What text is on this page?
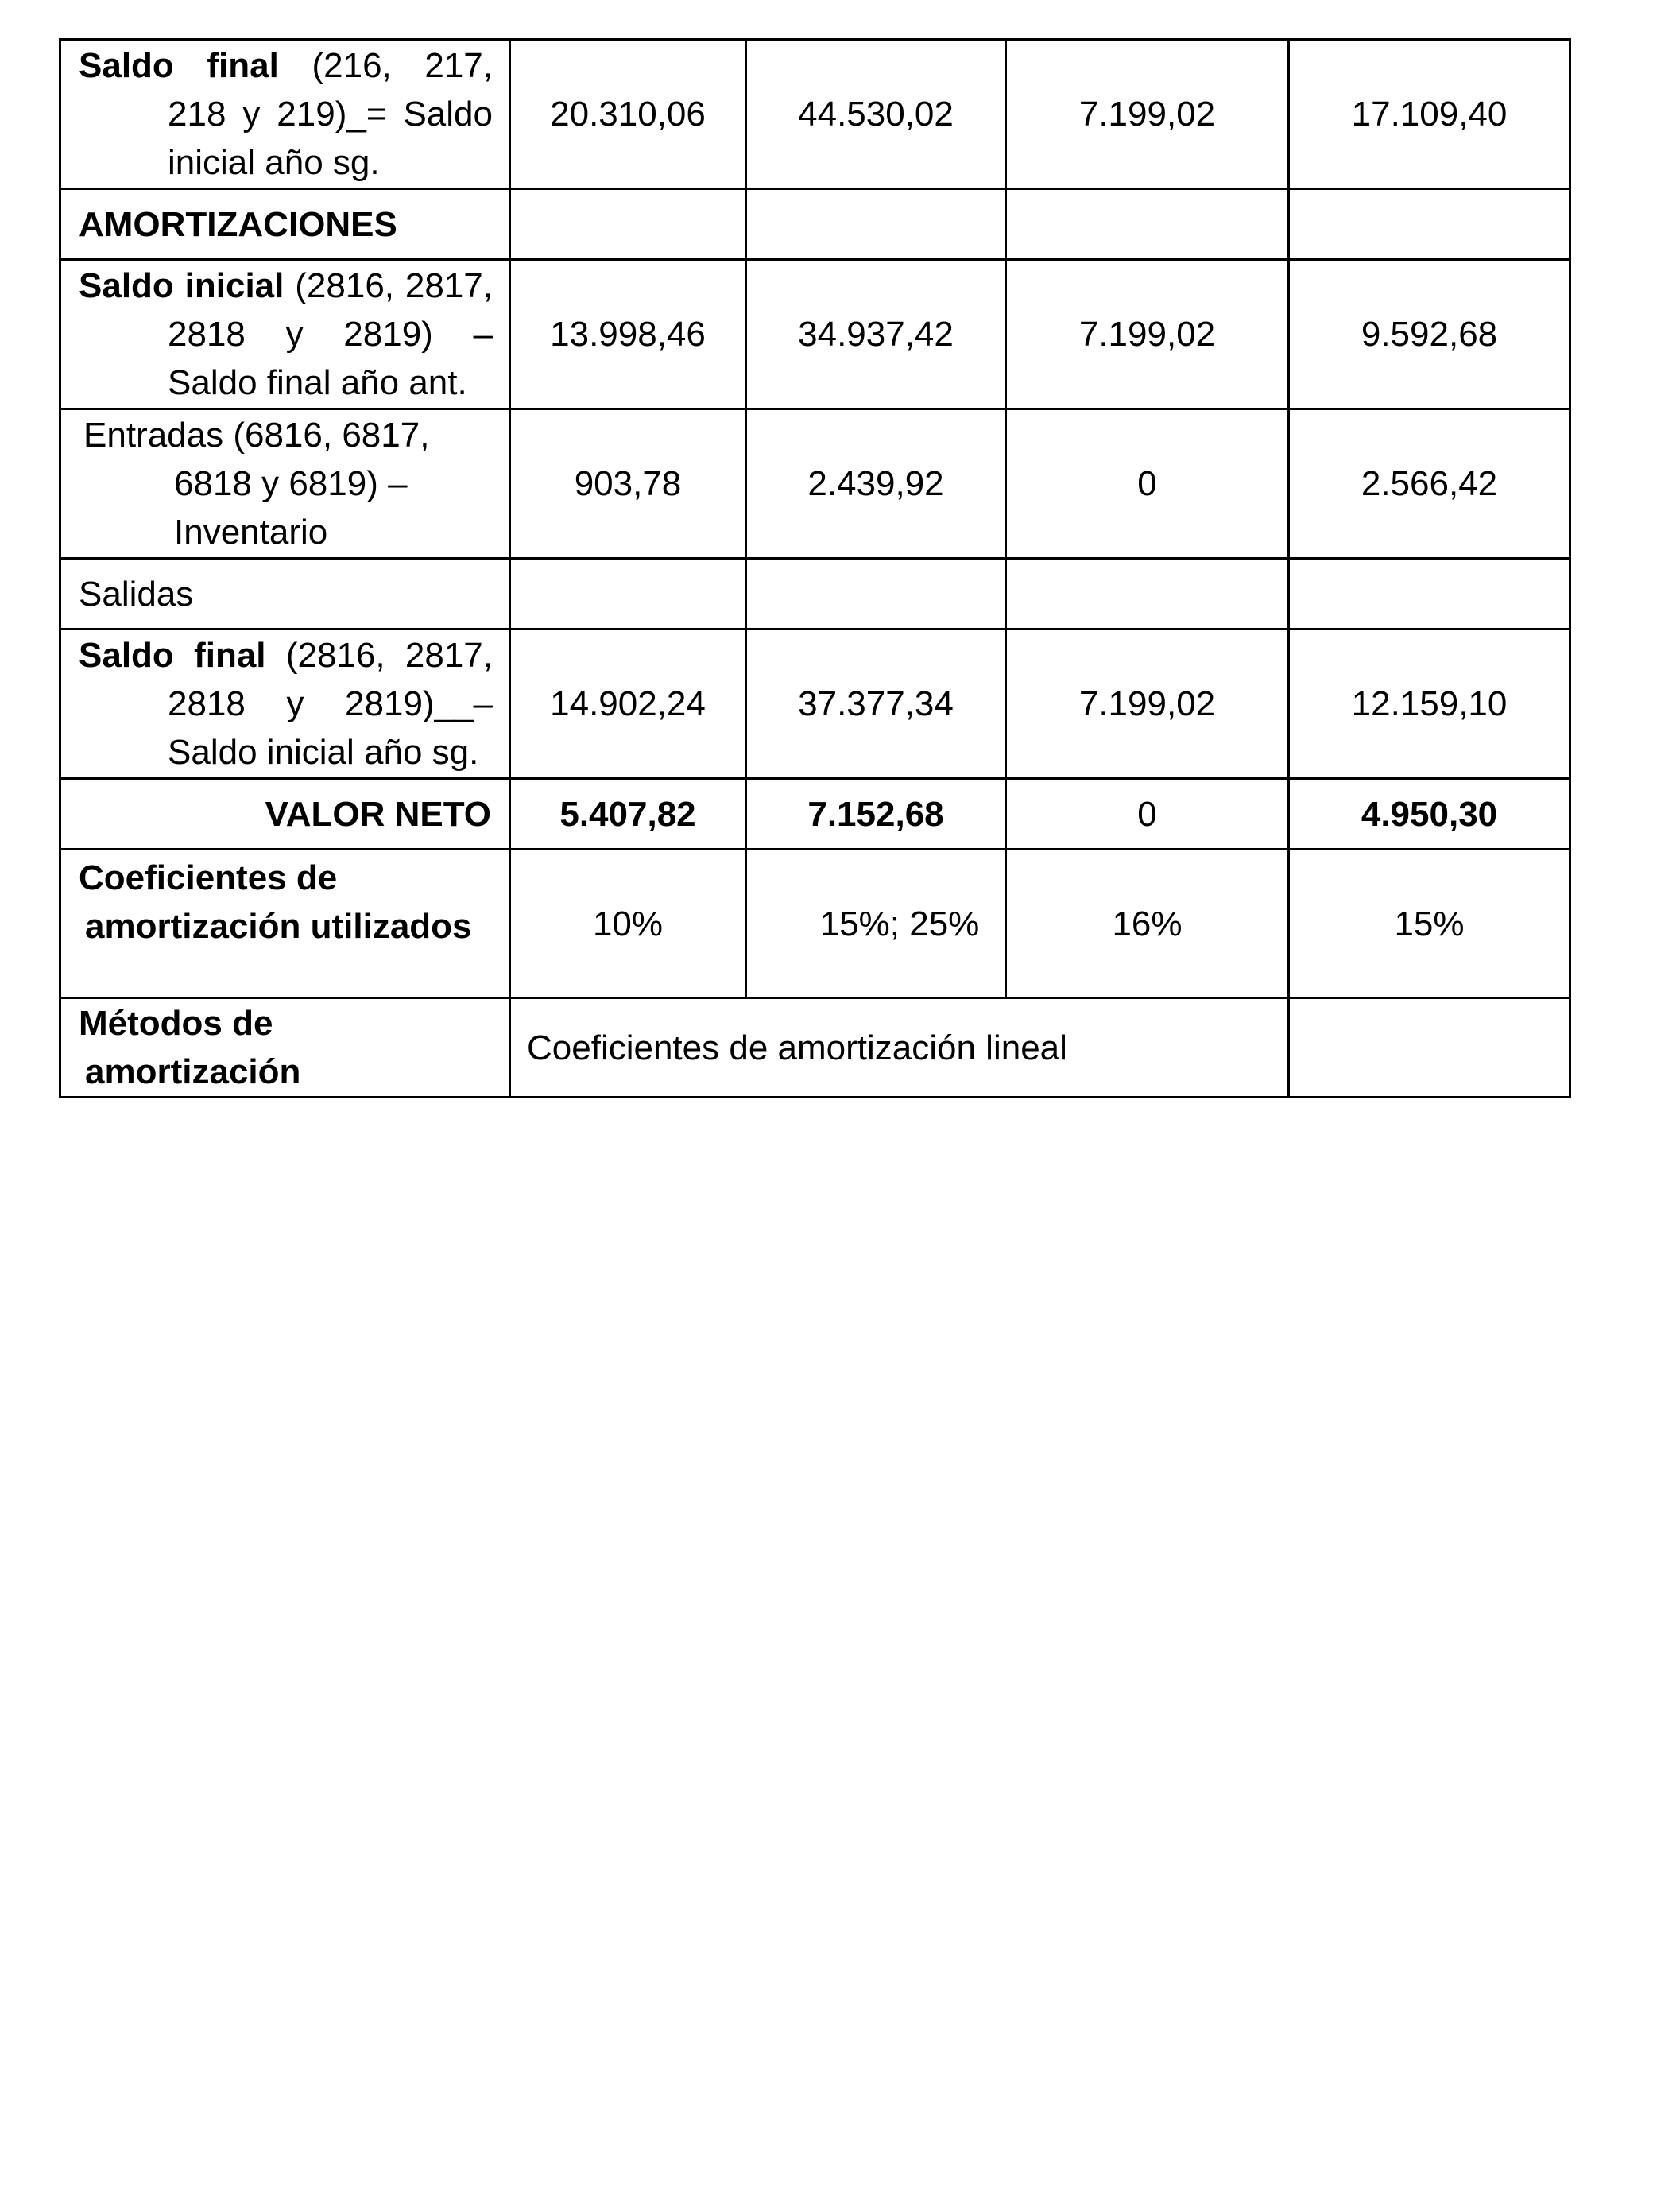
Saldo final (216, 217,
218 y 219)_= Saldo
inicial año sg.	20.310,06	44.530,02	7.199,02	17.109,40
AMORTIZACIONES				

Saldo inicial (2816, 2817,
2818 y 2819) –
Saldo final año ant.	13.998,46	34.937,42	7.199,02	9.592,68

Entradas (6816, 6817,
6818 y 6819) –
Inventario	903,78	2.439,92	0	2.566,42
Salidas				

Saldo final (2816, 2817,
2818 y 2819)__–
Saldo inicial año sg.	14.902,24	37.377,34	7.199,02	12.159,10
VALOR NETO	5.407,82	7.152,68	0	4.950,30

Coeficientes de
amortización utilizados	10%	15%; 25%	16%	15%

Métodos de
amortización	Coeficientes de amortización lineal			
